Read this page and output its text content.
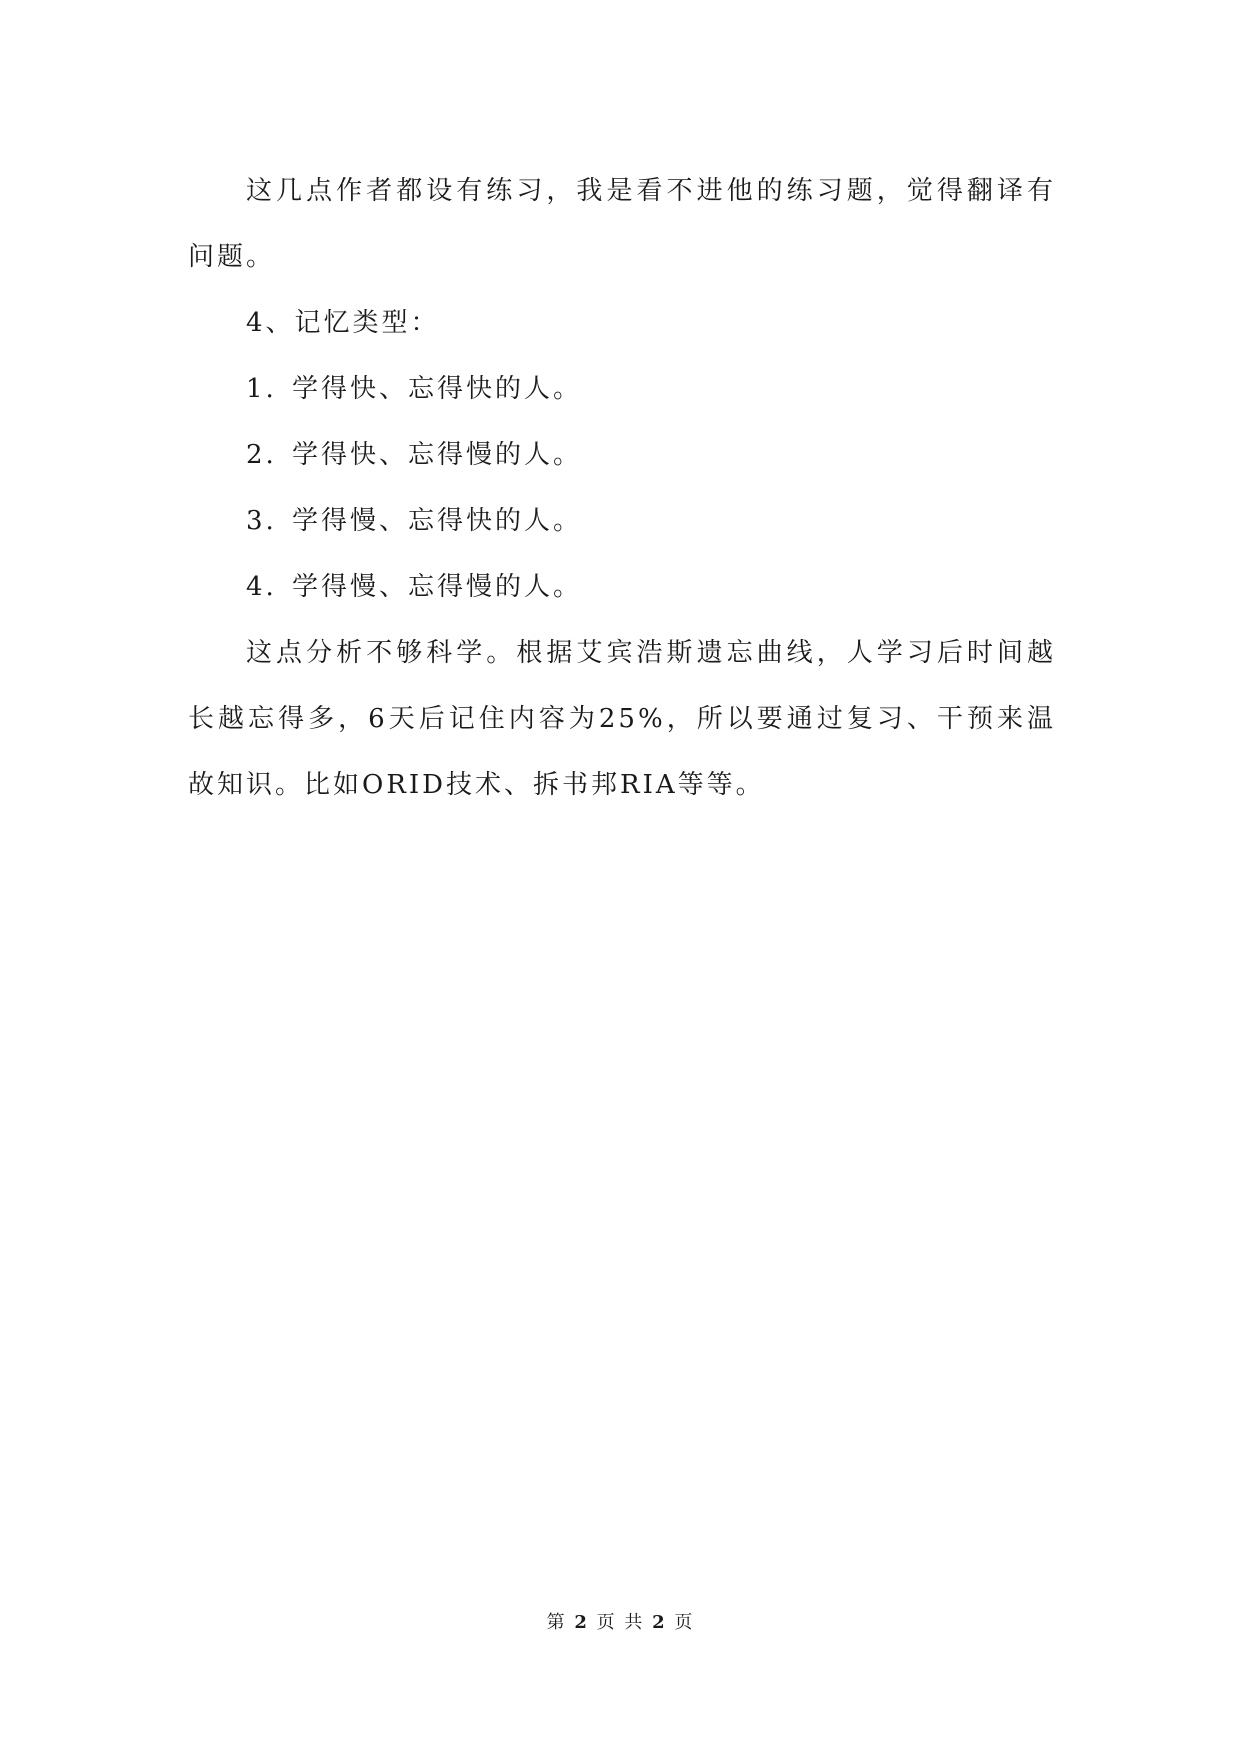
这几点作者都设有练习，我是看不进他的练习题，觉得翻译有问题。

4、记忆类型：

1. 学得快、忘得快的人。
2. 学得快、忘得慢的人。
3. 学得慢、忘得快的人。
4. 学得慢、忘得慢的人。

这点分析不够科学。根据艾宾浩斯遗忘曲线，人学习后时间越长越忘得多，6天后记住内容为25%，所以要通过复习、干预来温故知识。比如ORID技术、拆书邦RIA等等。

第 2 页 共 2 页
